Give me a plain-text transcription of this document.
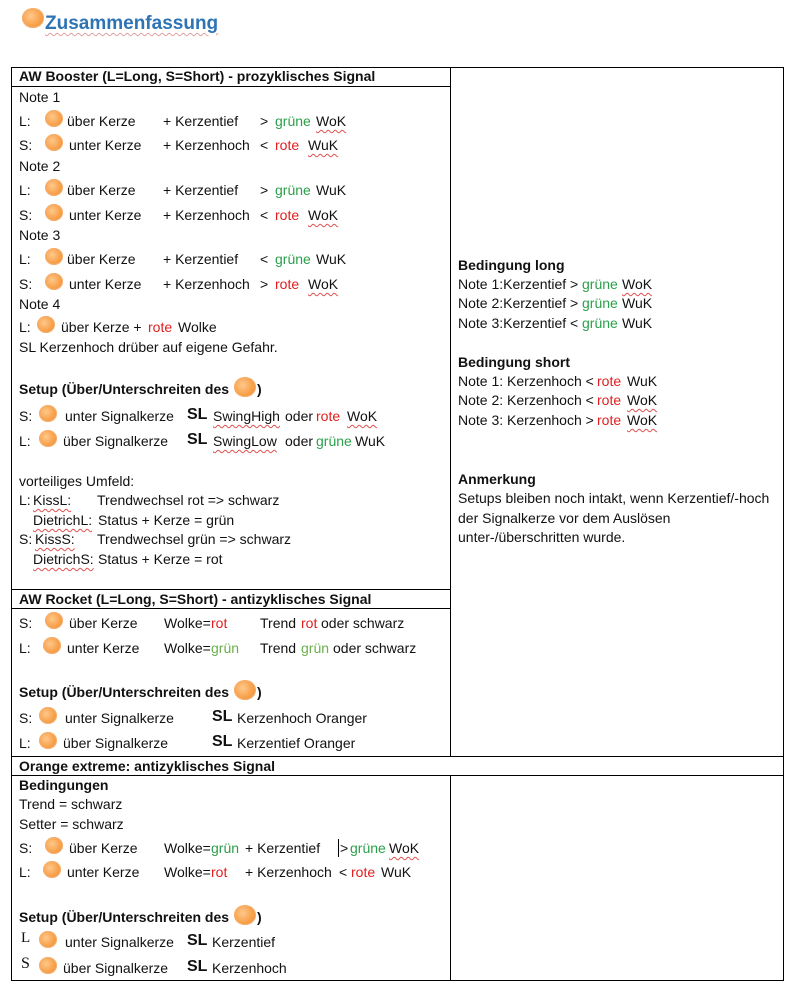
Zusammenfassung
AW Booster (L=Long, S=Short) - prozyklisches Signal
Note 1
L:	über Kerze + Kerzentief > grüne WoK
S:	unter Kerze + Kerzenhoch < rote WuK
Note 2
L:	über Kerze + Kerzentief > grüne WuK
S:	unter Kerze + Kerzenhoch < rote WoK
Note 3
L:	über Kerze + Kerzentief < grüne WuK
S:	unter Kerze + Kerzenhoch > rote WoK
Note 4
L: über Kerze + rote Wolke
SL Kerzenhoch drüber auf eigene Gefahr.
Setup (Über/Unterschreiten des )
S: unter Signalkerze SL SwingHigh oder rote WoK
L: über Signalkerze SL SwingLow oder grüne WuK
vorteiliges Umfeld:
L: KissL: Trendwechsel rot => schwarz
DietrichL: Status + Kerze = grün
S: KissS: Trendwechsel grün => schwarz
DietrichS: Status + Kerze = rot
Bedingung long
Note 1:Kerzentief > grüne WoK
Note 2:Kerzentief > grüne WuK
Note 3:Kerzentief < grüne WuK
Bedingung short
Note 1: Kerzenhoch < rote WuK
Note 2: Kerzenhoch < rote WoK
Note 3: Kerzenhoch > rote WoK
Anmerkung
Setups bleiben noch intakt, wenn Kerzentief/-hoch
der Signalkerze vor dem Auslösen
unter-/überschritten wurde.
AW Rocket (L=Long, S=Short) - antizyklisches Signal
S:	über Kerze Wolke= rot Trend rot oder schwarz
L:	unter Kerze Wolke= grün Trend grün oder schwarz
Setup (Über/Unterschreiten des )
S: unter Signalkerze SL Kerzenhoch Oranger
L: über Signalkerze	SL Kerzentief Oranger
Orange extreme: antizyklisches Signal
Bedingungen
Trend = schwarz
Setter = schwarz
S:	über Kerze Wolke= grün + Kerzentief > grüne WoK
L:	unter Kerze Wolke= rot + Kerzenhoch < rote WuK
Setup (Über/Unterschreiten des )
L unter Signalkerze SL Kerzentief
S über Signalkerze SL Kerzenhoch
